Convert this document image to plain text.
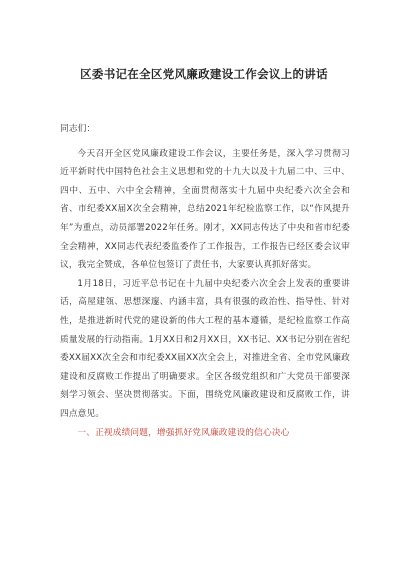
区委书记在全区党风廉政建设工作会议上的讲话

同志们：

今天召开全区党风廉政建设工作会议，主要任务是，深入学习贯彻习近平新时代中国特色社会主义思想和党的十九大以及十九届二中、三中、四中、五中、六中全会精神，全面贯彻落实十九届中央纪委六次全会和省、市纪委XX届X次全会精神，总结2021年纪检监察工作，以“作风提升年”为重点，动员部署2022年任务。刚才，XX同志传达了中央和省市纪委全会精神，XX同志代表纪委监委作了工作报告，工作报告已经区委会议审议，我完全赞成，各单位包签订了责任书，大家要认真抓好落实。

1月18日，习近平总书记在十九届中央纪委六次全会上发表的重要讲话，高屋建瓴、思想深邃、内涵丰富，具有很强的政治性、指导性、针对性，是推进新时代党的建设新的伟大工程的基本遵循，是纪检监察工作高质量发展的行动指南。1月XX日和2月XX日，XX书记、XX书记分别在省纪委XX届XX次全会和市纪委XX届XX次全会上，对推进全省、全市党风廉政建设和反腐败工作提出了明确要求。全区各级党组织和广大党员干部要深刻学习领会、坚决贯彻落实。下面，围绕党风廉政建设和反腐败工作，讲四点意见。

一、正视成绩问题，增强抓好党风廉政建设的信心决心
